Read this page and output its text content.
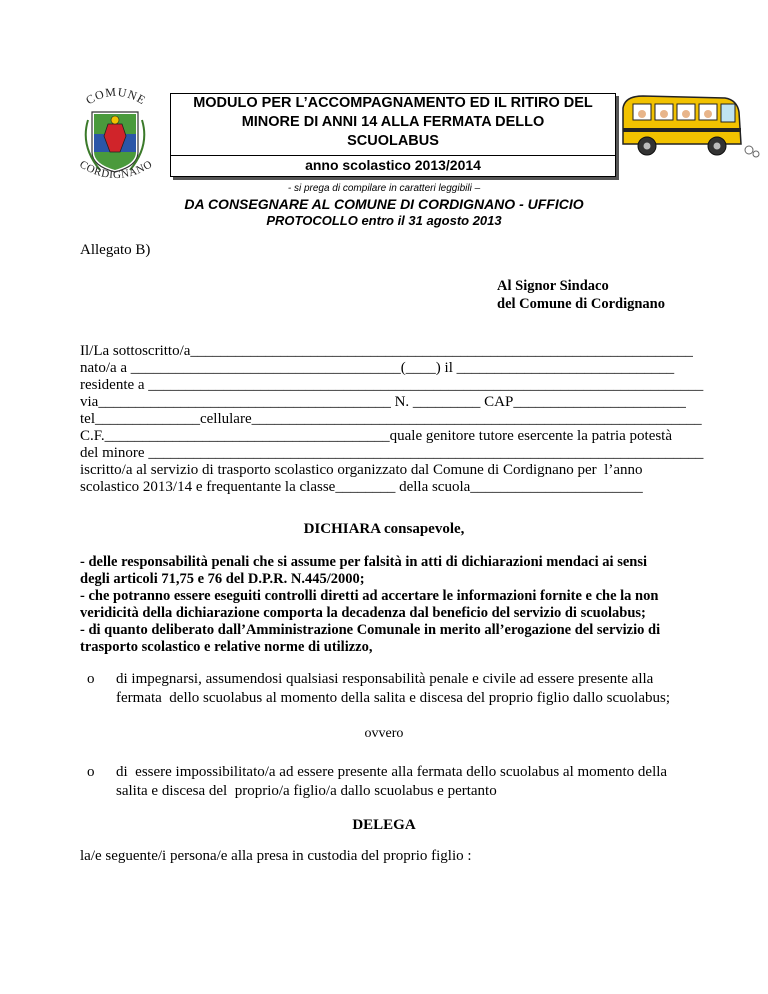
COMUNE
CORDIGNANO
MODULO PER L’ACCOMPAGNAMENTO ED IL RITIRO DEL
MINORE DI ANNI 14 ALLA FERMATA DELLO
SCUOLABUS
anno scolastico 2013/2014
- si prega di compilare in caratteri leggibili –
DA CONSEGNARE AL COMUNE DI CORDIGNANO - UFFICIO
PROTOCOLLO entro il 31 agosto 2013
Allegato B)
Al Signor Sindaco
del Comune di Cordignano
Il/La sottoscritto/a___________________________________________________________________
nato/a a ____________________________________(____) il _____________________________
residente a __________________________________________________________________________
via_______________________________________ N. _________ CAP_______________________
tel______________cellulare____________________________________________________________
C.F.______________________________________quale genitore tutore esercente la patria potestà
del minore __________________________________________________________________________
iscritto/a al servizio di trasporto scolastico organizzato dal Comune di Cordignano per  l’anno
scolastico 2013/14 e frequentante la classe________ della scuola_______________________
DICHIARA consapevole,
- delle responsabilità penali che si assume per falsità in atti di dichiarazioni mendaci ai sensi
degli articoli 71,75 e 76 del D.P.R. N.445/2000;
- che potranno essere eseguiti controlli diretti ad accertare le informazioni fornite e che la non
veridicità della dichiarazione comporta la decadenza dal beneficio del servizio di scuolabus;
- di quanto deliberato dall’Amministrazione Comunale in merito all’erogazione del servizio di
trasporto scolastico e relative norme di utilizzo,
o di impegnarsi, assumendosi qualsiasi responsabilità penale e civile ad essere presente alla
fermata  dello scuolabus al momento della salita e discesa del proprio figlio dallo scuolabus;
ovvero
o di  essere impossibilitato/a ad essere presente alla fermata dello scuolabus al momento della
salita e discesa del  proprio/a figlio/a dallo scuolabus e pertanto
DELEGA
la/e seguente/i persona/e alla presa in custodia del proprio figlio :
